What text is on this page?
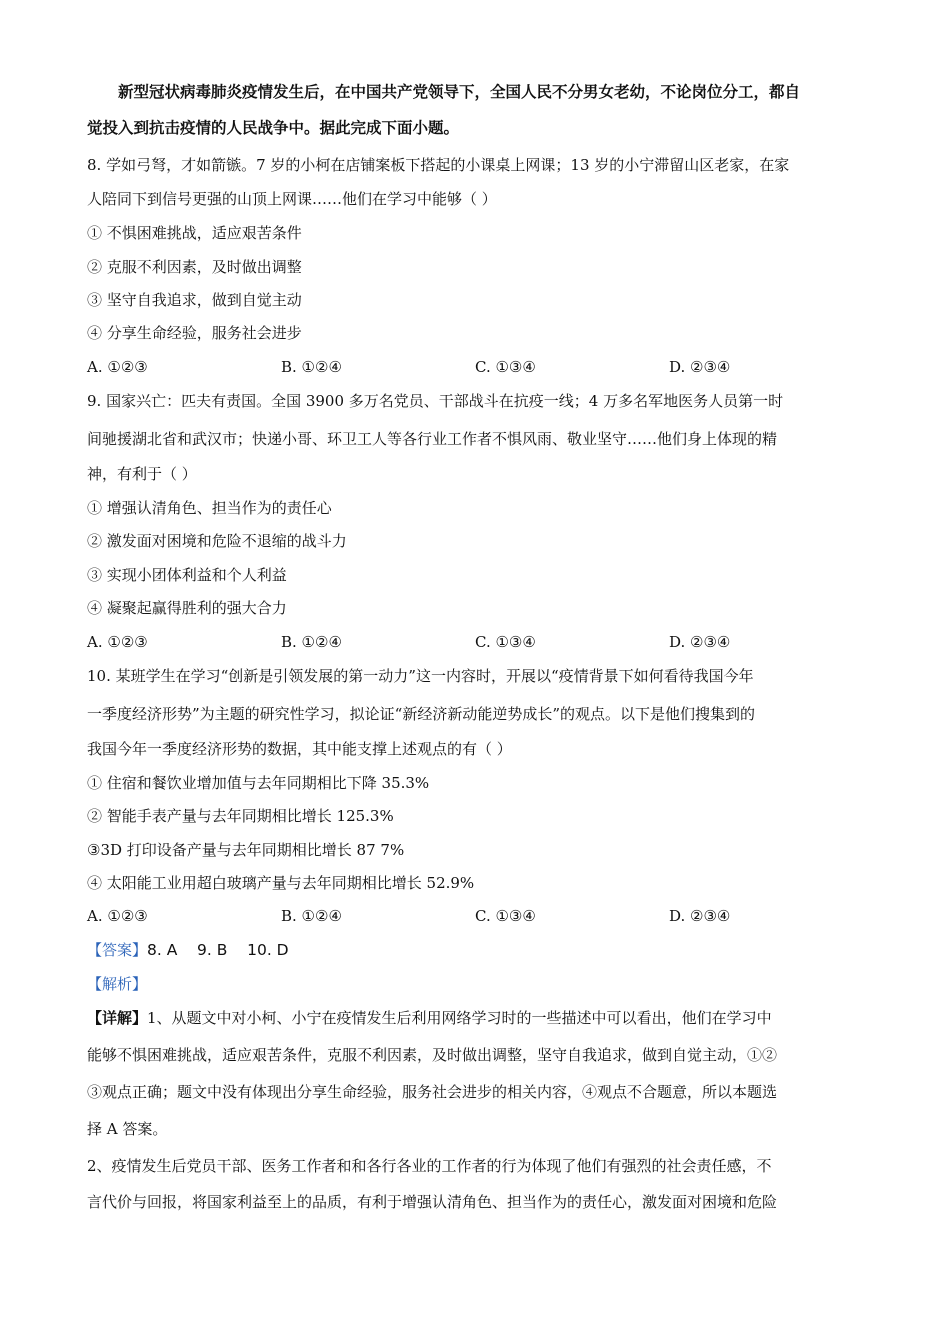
新型冠状病毒肺炎疫情发生后，在中国共产党领导下，全国人民不分男女老幼，不论岗位分工，都自
觉投入到抗击疫情的人民战争中。据此完成下面小题。
8. 学如弓弩，才如箭镞。7 岁的小柯在店铺案板下搭起的小课桌上网课；13 岁的小宁滞留山区老家，在家
人陪同下到信号更强的山顶上网课……他们在学习中能够（ ）
① 不惧困难挑战，适应艰苦条件
② 克服不利因素，及时做出调整
③ 坚守自我追求，做到自觉主动
④ 分享生命经验，服务社会进步
A. ①②③	B. ①②④	C. ①③④	D. ②③④
9. 国家兴亡：匹夫有责国。全国 3900 多万名党员、干部战斗在抗疫一线；4 万多名军地医务人员第一时
间驰援湖北省和武汉市；快递小哥、环卫工人等各行业工作者不惧风雨、敬业坚守……他们身上体现的精
神，有利于（ ）
① 增强认清角色、担当作为的责任心
② 激发面对困境和危险不退缩的战斗力
③ 实现小团体利益和个人利益
④ 凝聚起赢得胜利的强大合力
A. ①②③	B. ①②④	C. ①③④	D. ②③④
10. 某班学生在学习“创新是引领发展的第一动力”这一内容时，开展以“疫情背景下如何看待我国今年
一季度经济形势”为主题的研究性学习，拟论证“新经济新动能逆势成长”的观点。以下是他们搜集到的
我国今年一季度经济形势的数据，其中能支撑上述观点的有（ ）
① 住宿和餐饮业增加值与去年同期相比下降 35.3%
② 智能手表产量与去年同期相比增长 125.3%
③3D 打印设备产量与去年同期相比增长 87 7%
④ 太阳能工业用超白玻璃产量与去年同期相比增长 52.9%
A. ①②③	B. ①②④	C. ①③④	D. ②③④
【答案】8. A    9. B    10. D
【解析】
【详解】1、从题文中对小柯、小宁在疫情发生后利用网络学习时的一些描述中可以看出，他们在学习中
能够不惧困难挑战，适应艰苦条件，克服不利因素，及时做出调整，坚守自我追求，做到自觉主动，①②
③观点正确；题文中没有体现出分享生命经验，服务社会进步的相关内容，④观点不合题意，所以本题选
择 A 答案。
2、疫情发生后党员干部、医务工作者和和各行各业的工作者的行为体现了他们有强烈的社会责任感，不
言代价与回报，将国家利益至上的品质，有利于增强认清角色、担当作为的责任心，激发面对困境和危险
